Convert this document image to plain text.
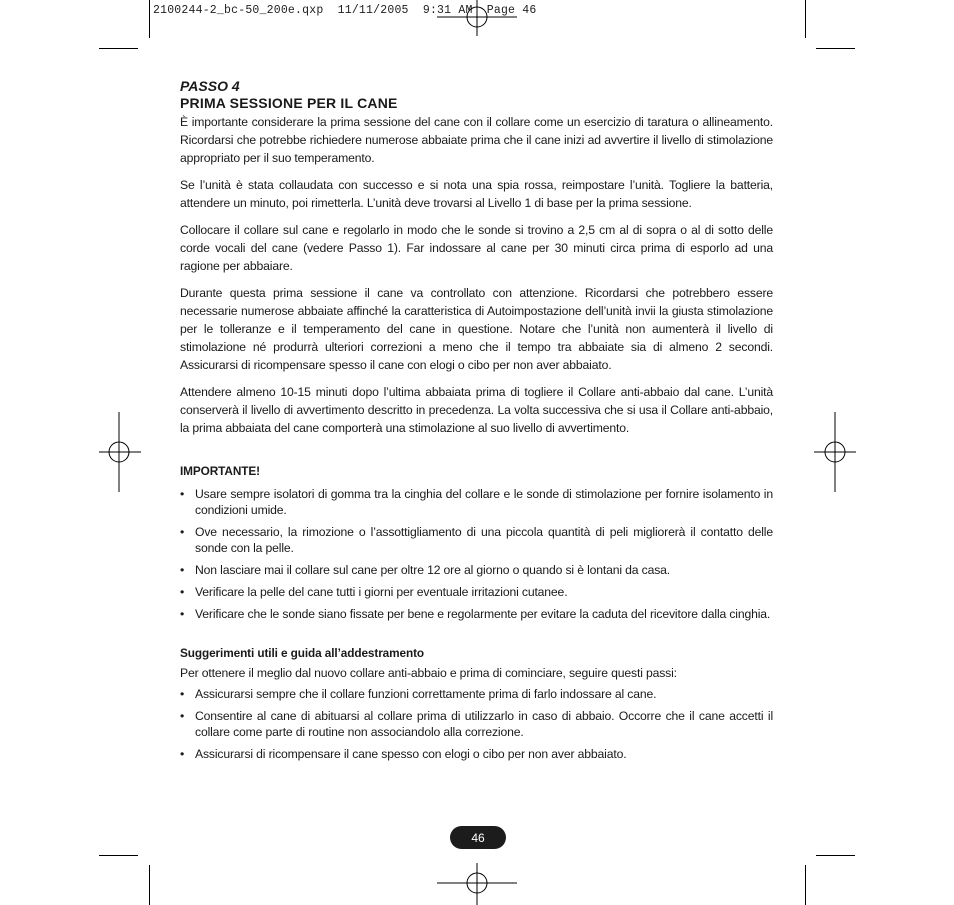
2100244-2_bc-50_200e.qxp  11/11/2005  9:31 AM  Page 46
PASSO 4
PRIMA SESSIONE PER IL CANE

È importante considerare la prima sessione del cane con il collare come un esercizio di taratura o allineamento. Ricordarsi che potrebbe richiedere numerose abbaiate prima che il cane inizi ad avvertire il livello di stimolazione appropriato per il suo temperamento.

Se l’unità è stata collaudata con successo e si nota una spia rossa, reimpostare l’unità. Togliere la batteria, attendere un minuto, poi rimetterla. L’unità deve trovarsi al Livello 1 di base per la prima sessione.

Collocare il collare sul cane e regolarlo in modo che le sonde si trovino a 2,5 cm al di sopra o al di sotto delle corde vocali del cane (vedere Passo 1). Far indossare al cane per 30 minuti circa prima di esporlo ad una ragione per abbaiare.

Durante questa prima sessione il cane va controllato con attenzione. Ricordarsi che potrebbero essere necessarie numerose abbaiate affinché la caratteristica di Autoimpostazione dell’unità invii la giusta stimolazione per le tolleranze e il temperamento del cane in questione. Notare che l’unità non aumenterà il livello di stimolazione né produrrà ulteriori correzioni a meno che il tempo tra abbaiate sia di almeno 2 secondi. Assicurarsi di ricompensare spesso il cane con elogi o cibo per non aver abbaiato.

Attendere almeno 10-15 minuti dopo l’ultima abbaiata prima di togliere il Collare anti-abbaio dal cane. L’unità conserverà il livello di avvertimento descritto in precedenza. La volta successiva che si usa il Collare anti-abbaio, la prima abbaiata del cane comporterà una stimolazione al suo livello di avvertimento.

IMPORTANTE!
• Usare sempre isolatori di gomma tra la cinghia del collare e le sonde di stimolazione per fornire isolamento in condizioni umide.
• Ove necessario, la rimozione o l’assottigliamento di una piccola quantità di peli migliorerà il contatto delle sonde con la pelle.
• Non lasciare mai il collare sul cane per oltre 12 ore al giorno o quando si è lontani da casa.
• Verificare la pelle del cane tutti i giorni per eventuale irritazioni cutanee.
• Verificare che le sonde siano fissate per bene e regolarmente per evitare la caduta del ricevitore dalla cinghia.
Suggerimenti utili e guida all’addestramento

Per ottenere il meglio dal nuovo collare anti-abbaio e prima di cominciare, seguire questi passi:

• Assicurarsi sempre che il collare funzioni correttamente prima di farlo indossare al cane.
• Consentire al cane di abituarsi al collare prima di utilizzarlo in caso di abbaio. Occorre che il cane accetti il collare come parte di routine non associandolo alla correzione.
• Assicurarsi di ricompensare il cane spesso con elogi o cibo per non aver abbaiato.
46
